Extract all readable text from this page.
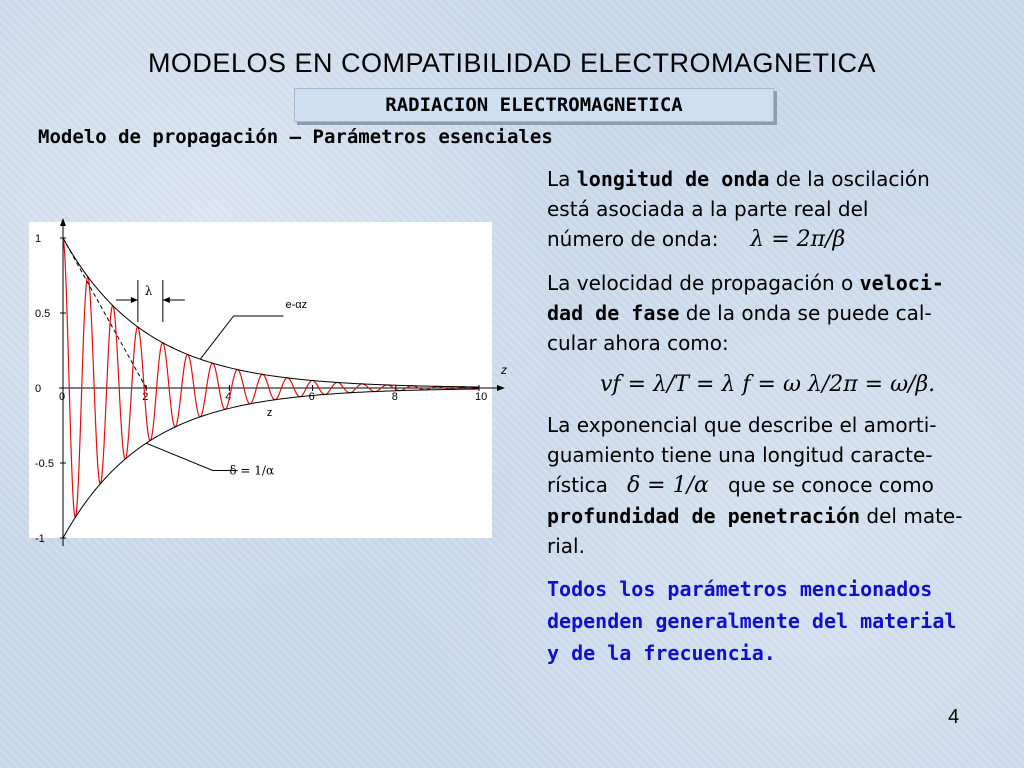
MODELOS EN COMPATIBILIDAD ELECTROMAGNETICA
RADIACION ELECTROMAGNETICA
Modelo de propagación – Parámetros esenciales
1
0.5
0
-0.5
-1
0	2	4	6	8	10
λ
e-αz
δ = 1/α
z
z
La longitud de onda de la oscilación
está asociada a la parte real del
número de onda: λ = 2π/β
La velocidad de propagación o veloci-
dad de fase de la onda se puede cal-
cular ahora como:
vf = λ/T = λ f = ω λ/2π = ω/β.
La exponencial que describe el amorti-
guamiento tiene una longitud caracte-
rística δ = 1/α que se conoce como
profundidad de penetración del mate-
rial.
Todos los parámetros mencionados
dependen generalmente del material
y de la frecuencia.
4
